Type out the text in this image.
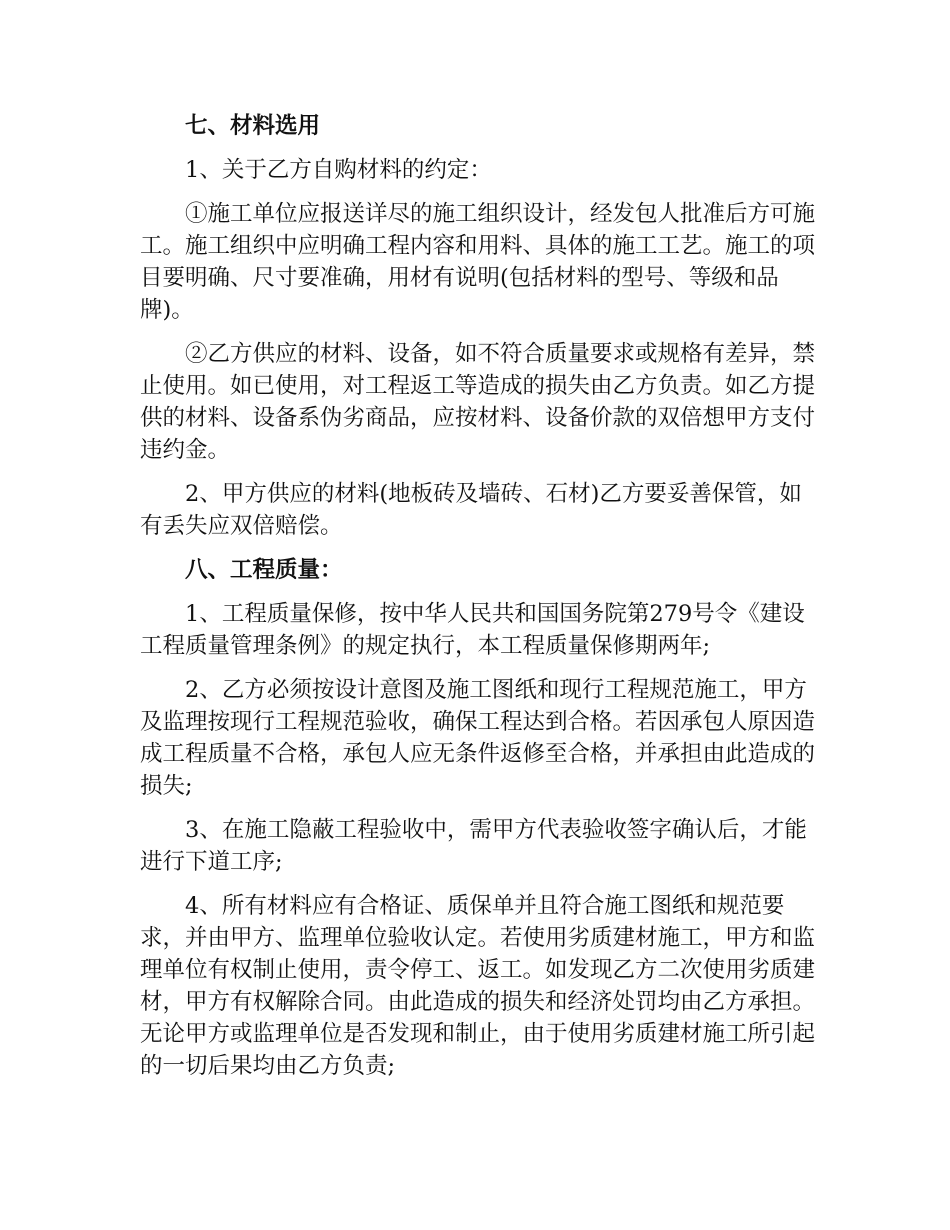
七、材料选用

1、关于乙方自购材料的约定：

①施工单位应报送详尽的施工组织设计，经发包人批准后方可施工。施工组织中应明确工程内容和用料、具体的施工工艺。施工的项目要明确、尺寸要准确，用材有说明(包括材料的型号、等级和品牌)。

②乙方供应的材料、设备，如不符合质量要求或规格有差异，禁止使用。如已使用，对工程返工等造成的损失由乙方负责。如乙方提供的材料、设备系伪劣商品，应按材料、设备价款的双倍想甲方支付违约金。

2、甲方供应的材料(地板砖及墙砖、石材)乙方要妥善保管，如有丢失应双倍赔偿。

八、工程质量：

1、工程质量保修，按中华人民共和国国务院第279号令《建设工程质量管理条例》的规定执行，本工程质量保修期两年;

2、乙方必须按设计意图及施工图纸和现行工程规范施工，甲方及监理按现行工程规范验收，确保工程达到合格。若因承包人原因造成工程质量不合格，承包人应无条件返修至合格，并承担由此造成的损失;

3、在施工隐蔽工程验收中，需甲方代表验收签字确认后，才能进行下道工序;

4、所有材料应有合格证、质保单并且符合施工图纸和规范要求，并由甲方、监理单位验收认定。若使用劣质建材施工，甲方和监理单位有权制止使用，责令停工、返工。如发现乙方二次使用劣质建材，甲方有权解除合同。由此造成的损失和经济处罚均由乙方承担。无论甲方或监理单位是否发现和制止，由于使用劣质建材施工所引起的一切后果均由乙方负责;
